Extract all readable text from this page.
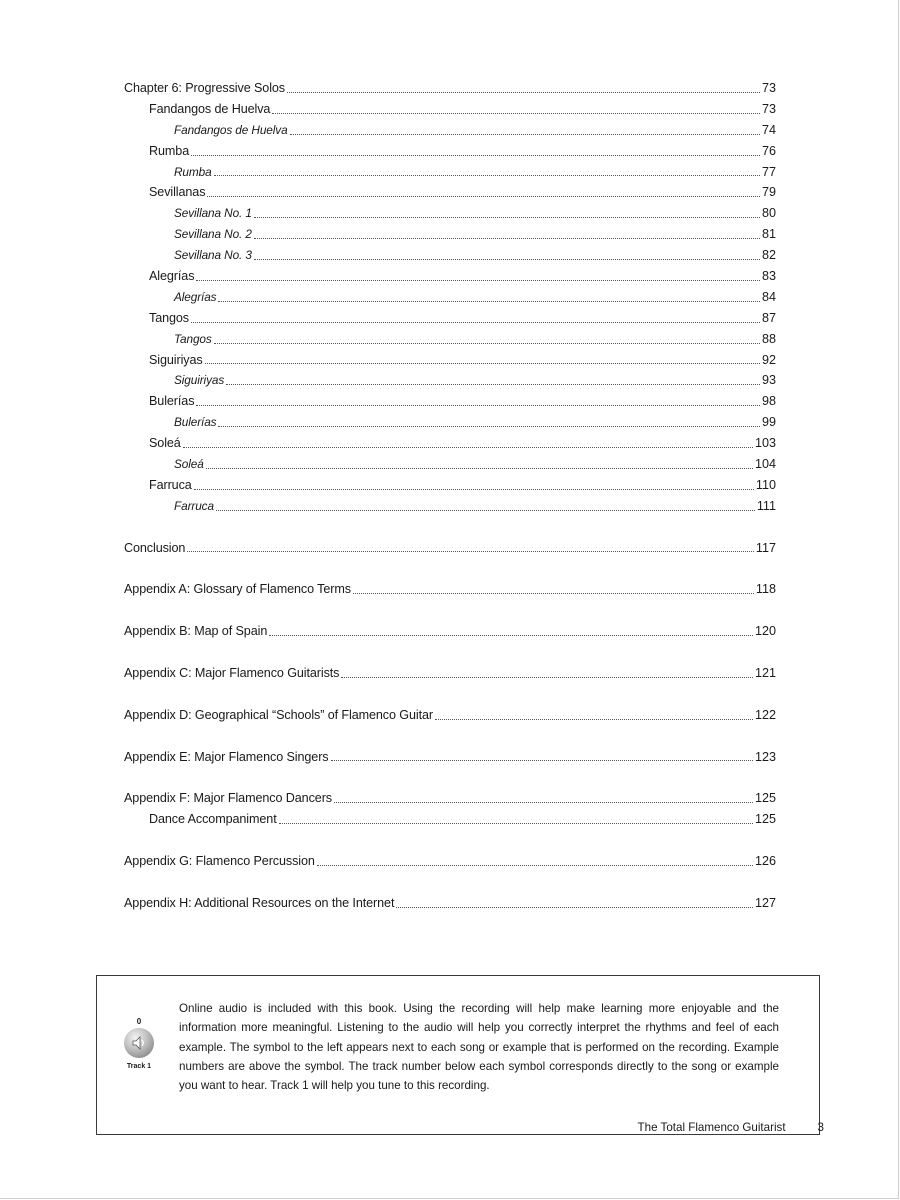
Chapter 6: Progressive Solos	73
Fandangos de Huelva	73
Fandangos de Huelva	74
Rumba	76
Rumba	77
Sevillanas	79
Sevillana No. 1	80
Sevillana No. 2	81
Sevillana No. 3	82
Alegrías	83
Alegrías	84
Tangos	87
Tangos	88
Siguiriyas	92
Siguiriyas	93
Bulerías	98
Bulerías	99
Soleá	103
Soleá	104
Farruca	110
Farruca	111
Conclusion	117
Appendix A: Glossary of Flamenco Terms	118
Appendix B: Map of Spain	120
Appendix C: Major Flamenco Guitarists	121
Appendix D: Geographical “Schools” of Flamenco Guitar	122
Appendix E: Major Flamenco Singers	123
Appendix F: Major Flamenco Dancers	125
Dance Accompaniment	125
Appendix G: Flamenco Percussion	126
Appendix H: Additional Resources on the Internet	127
0
Track 1
Online audio is included with this book. Using the recording will help make learning more enjoyable and the information more meaningful. Listening to the audio will help you correctly interpret the rhythms and feel of each example. The symbol to the left appears next to each song or example that is performed on the recording. Example numbers are above the symbol. The track number below each symbol corresponds directly to the song or example you want to hear. Track 1 will help you tune to this recording.
The Total Flamenco Guitarist	3
